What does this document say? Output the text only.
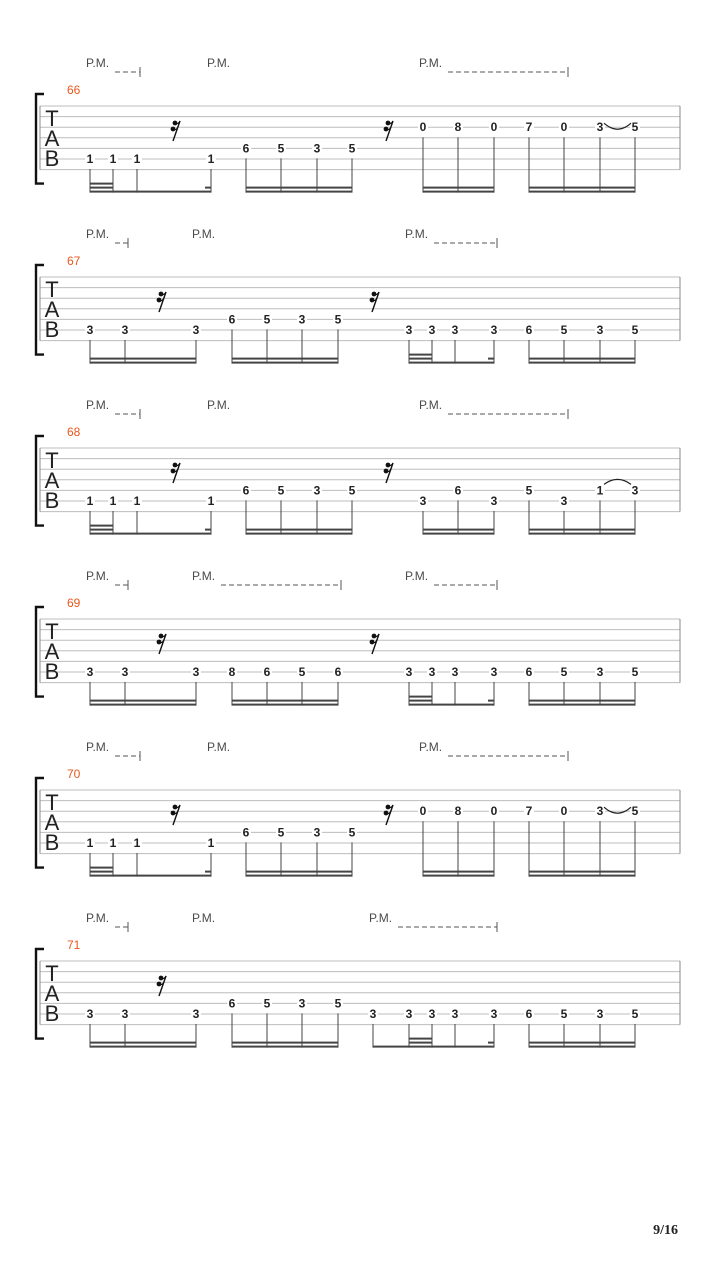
T
A
B
66
P.M.	P.M.	P.M.
1 1 1	1
6 5 3 5
0 8 0 7 0 3 5
T
A
B
67
P.M.	P.M.	P.M.
3 3	3
6 5 3 5
3 3 3	3 6 5 3 5
T
A
B
68
P.M.	P.M.	P.M.
1 1 1	1
6 5 3 5
3
6
3
5
3
1 3
T
A
B
69
P.M.	P.M.	P.M.
3 3	3 8 6 5 6	3 3 3	3 6 5 3 5
T
A
B
70
P.M.	P.M.	P.M.
1 1 1	1
6 5 3 5
0 8 0 7 0 3 5
T
A
B
71
P.M.	P.M.	P.M.
3 3	3
6 5 3 5
3 3 3 3	3 6 5 3 5
9/16
